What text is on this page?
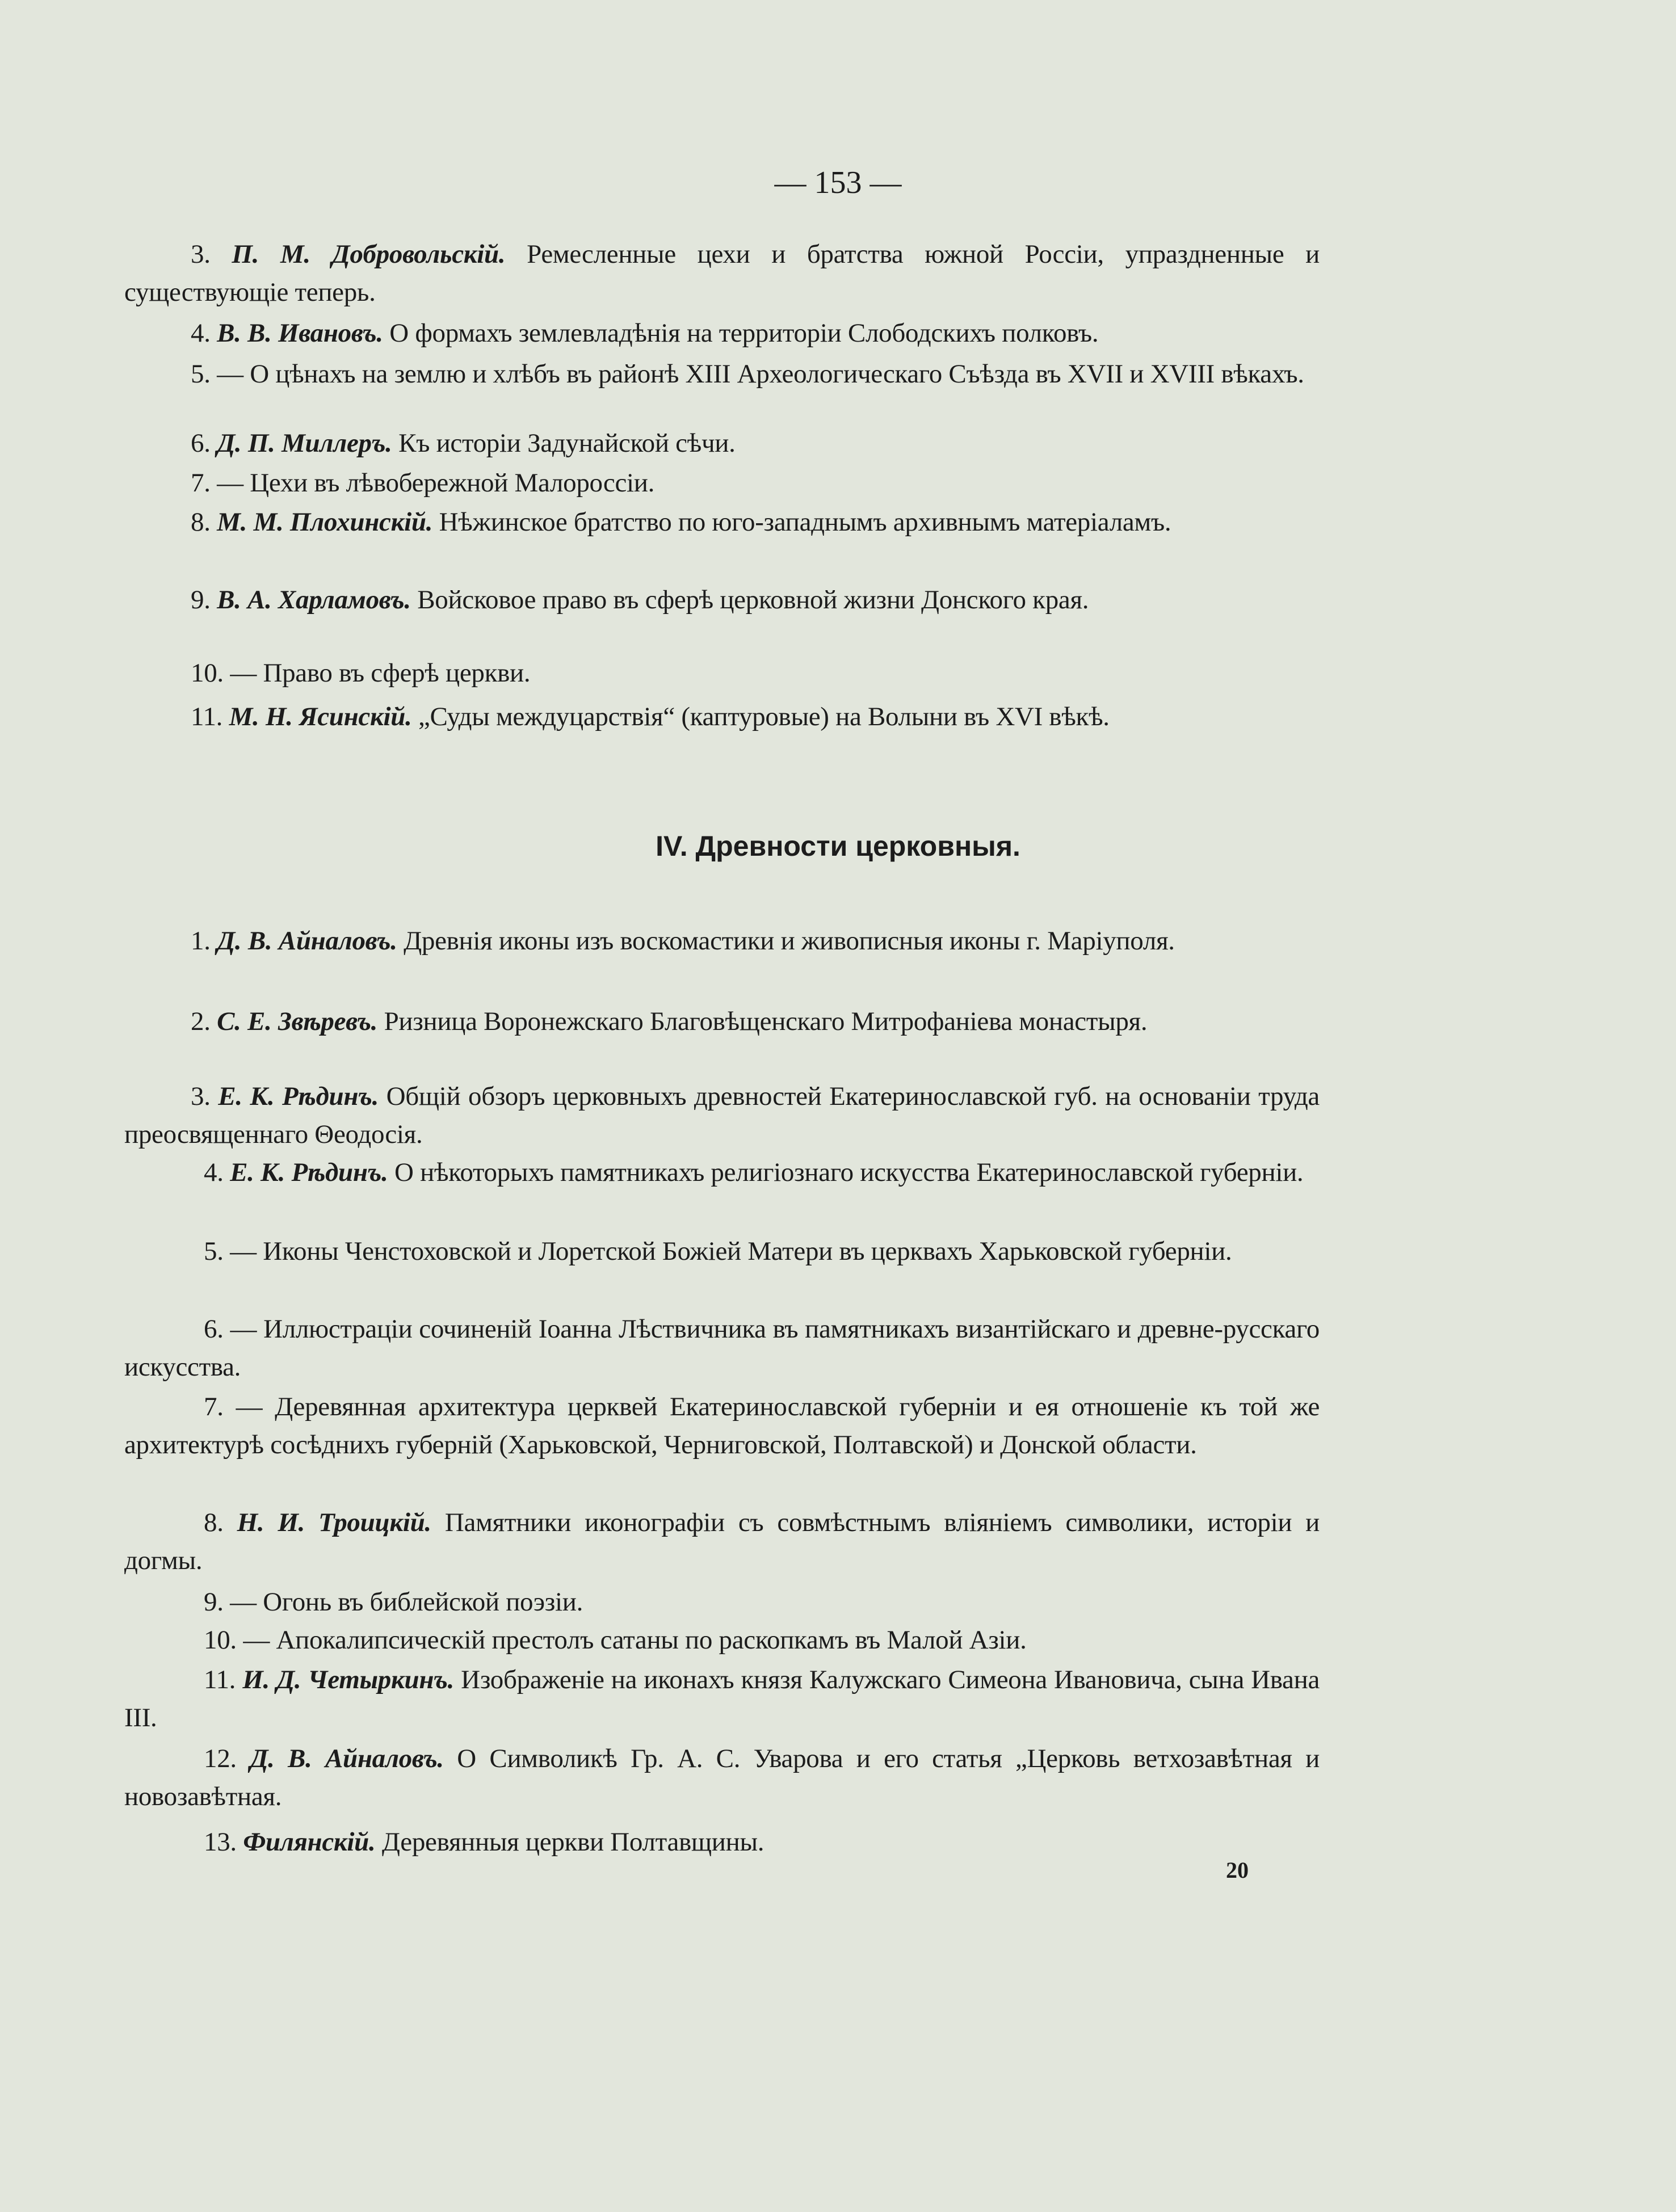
— 153 —
3. П. М. Добровольскій. Ремесленные цехи и братства южной Россіи, упраздненные и существующіе теперь.
4. В. В. Ивановъ. О формахъ землевладѣнія на территоріи Слободскихъ полковъ.
5. — О цѣнахъ на землю и хлѣбъ въ районѣ XIII Археологическаго Съѣзда въ XVII и XVIII вѣкахъ.
6. Д. П. Миллеръ. Къ исторіи Задунайской сѣчи.
7. — Цехи въ лѣвобережной Малороссіи.
8. М. М. Плохинскій. Нѣжинское братство по юго-западнымъ архивнымъ матеріаламъ.
9. В. А. Харламовъ. Войсковое право въ сферѣ церковной жизни Донского края.
10. — Право въ сферѣ церкви.
11. М. Н. Ясинскій. „Суды междуцарствія“ (каптуровые) на Волыни въ XVI вѣкѣ.
IV. Древности церковныя.
1. Д. В. Айналовъ. Древнія иконы изъ воскомастики и живописныя иконы г. Маріуполя.
2. С. Е. Звѣревъ. Ризница Воронежскаго Благовѣщенскаго Митрофаніева монастыря.
3. Е. К. Рѣдинъ. Общій обзоръ церковныхъ древностей Екатеринославской губ. на основаніи труда преосвященнаго Θеодосія.
4. Е. К. Рѣдинъ. О нѣкоторыхъ памятникахъ религіознаго искусства Екатеринославской губерніи.
5. — Иконы Ченстоховской и Лоретской Божіей Матери въ церквахъ Харьковской губерніи.
6. — Иллюстраціи сочиненій Іоанна Лѣствичника въ памятникахъ византійскаго и древне-русскаго искусства.
7. — Деревянная архитектура церквей Екатеринославской губерніи и ея отношеніе къ той же архитектурѣ сосѣднихъ губерній (Харьковской, Черниговской, Полтавской) и Донской области.
8. Н. И. Троицкій. Памятники иконографіи съ совмѣстнымъ вліяніемъ символики, исторіи и догмы.
9. — Огонь въ библейской поэзіи.
10. — Апокалипсическій престолъ сатаны по раскопкамъ въ Малой Азіи.
11. И. Д. Четыркинъ. Изображеніе на иконахъ князя Калужскаго Симеона Ивановича, сына Ивана III.
12. Д. В. Айналовъ. О Символикѣ Гр. А. С. Уварова и его статья „Церковь ветхозавѣтная и новозавѣтная.
13. Филянскій. Деревянныя церкви Полтавщины.
20
